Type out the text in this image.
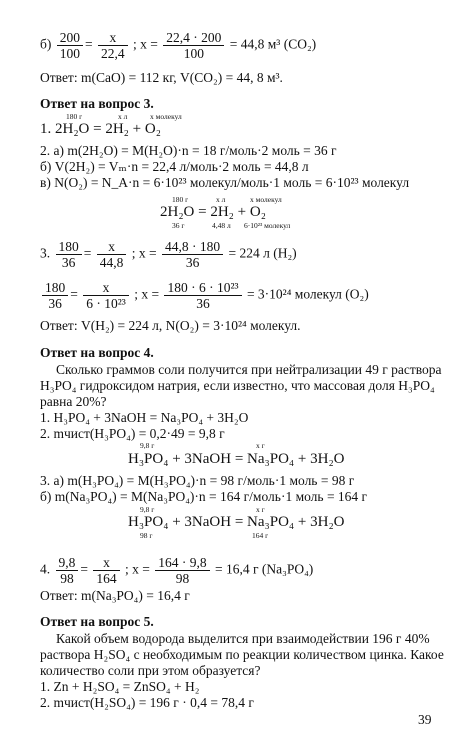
$б) \frac{200}{100} = \frac{x}{22,4}$ ; $x = \frac{22,4 \cdot 200}{100} = 44,8$ м³ (CO₂)
Ответ: m(CaO) = 112 кг, V(CO₂) = 44, 8 м³.
Ответ на вопрос 3.
180 г	x л	x молекул
1. 2H₂O = 2H₂ + O₂
2. а) m(2H₂O) = M(H₂O)·n = 18 г/моль·2 моль = 36 г
б) V(2H₂) = Vₘ·n = 22,4 л/моль·2 моль = 44,8 л
в) N(O₂) = N_A·n = 6·10²³ молекул/моль·1 моль = 6·10²³ молекул
180 г	x л	x молекул
2H₂O = 2H₂ + O₂
36 г	4,48 л 6·10²³ молекул
3. $\frac{180}{36} = \frac{x}{44,8}$ ; $x = \frac{44,8 \cdot 180}{36} = 224$ л (H₂)
$\frac{180}{36} = \frac{x}{\text{6 · 10²³}}$ ; $x = \frac{\text{180 · 6 · 10²³}}{36} = 3\cdot 10^{24}$ молекул (O₂)
Ответ: V(H₂) = 224 л, N(O₂) = 3·10²⁴ молекул.
Ответ на вопрос 4.
Сколько граммов соли получится при нейтрализации 49 г раствора
H₃PO₄ гидроксидом натрия, если известно, что массовая доля H₃PO₄
равна 20%?
1. H₃PO₄ + 3NaOH = Na₃PO₄ + 3H₂O
2. mчист(H₃PO₄) = 0,2·49 = 9,8 г
9,8 г	x г
H₃PO₄ + 3NaOH = Na₃PO₄ + 3H₂O
3. а) m(H₃PO₄) = M(H₃PO₄)·n = 98 г/моль·1 моль = 98 г
б) m(Na₃PO₄) = M(Na₃PO₄)·n = 164 г/моль·1 моль = 164 г
9,8 г	x г
H₃PO₄ + 3NaOH = Na₃PO₄ + 3H₂O
98 г	164 г
4. $\frac{9,8}{98} = \frac{x}{164}$ ; $x = \frac{164 \cdot 9,8}{98} = 16,4$ г (Na₃PO₄)
Ответ: m(Na₃PO₄) = 16,4 г
Ответ на вопрос 5.
Какой объем водорода выделится при взаимодействии 196 г 40%
раствора H₂SO₄ с необходимым по реакции количеством цинка. Какое
количество соли при этом образуется?
1. Zn + H₂SO₄ = ZnSO₄ + H₂
2. mчист(H₂SO₄) = 196 г · 0,4 = 78,4 г
39
